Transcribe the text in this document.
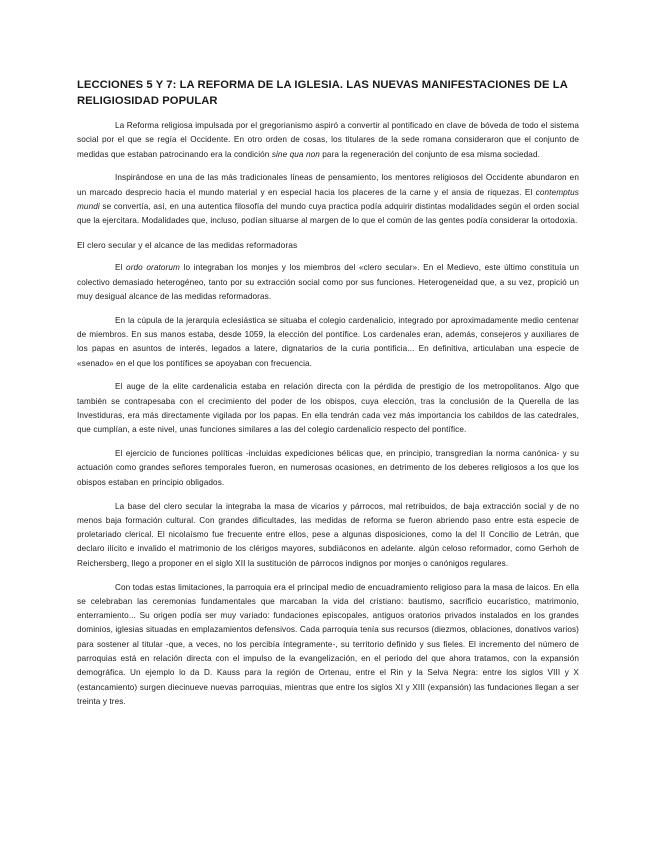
LECCIONES 5 Y 7: LA REFORMA DE LA IGLESIA. LAS NUEVAS MANIFESTACIONES DE LA RELIGIOSIDAD POPULAR

La Reforma religiosa impulsada por el gregorianismo aspiró a convertir al pontificado en clave de bóveda de todo el sistema social por el que se regía el Occidente. En otro orden de cosas, los titulares de la sede romana consideraron que el conjunto de medidas que estaban patrocinando era la condición sine qua non para la regeneración del conjunto de esa misma sociedad.

Inspirándose en una de las más tradicionales líneas de pensamiento, los mentores religiosos del Occidente abundaron en un marcado desprecio hacia el mundo material y en especial hacia los placeres de la carne y el ansia de riquezas. El contemptus mundi se convertía, así, en una autentica filosofía del mundo cuya practica podía adquirir distintas modalidades según el orden social que la ejercitara. Modalidades que, incluso, podían situarse al margen de lo que el común de las gentes podía considerar la ortodoxia.

El clero secular y el alcance de las medidas reformadoras

El ordo oratorum lo integraban los monjes y los miembros del «clero secular». En el Medievo, este último constituía un colectivo demasiado heterogéneo, tanto por su extracción social como por sus funciones. Heterogeneidad que, a su vez, propició un muy desigual alcance de las medidas reformadoras.

En la cúpula de la jerarquía eclesiástica se situaba el colegio cardenalicio, integrado por aproximadamente medio centenar de miembros. En sus manos estaba, desde 1059, la elección del pontífice. Los cardenales eran, además, consejeros y auxiliares de los papas en asuntos de interés, legados a latere, dignatarios de la curia pontificia... En definitiva, articulaban una especie de «senado» en el que los pontífices se apoyaban con frecuencia.

El auge de la elite cardenalicia estaba en relación directa con la pérdida de prestigio de los metropolitanos. Algo que también se contrapesaba con el crecimiento del poder de los obispos, cuya elección, tras la conclusión de la Querella de las Investiduras, era más directamente vigilada por los papas. En ella tendrán cada vez más importancia los cabildos de las catedrales, que cumplían, a este nivel, unas funciones similares a las del colegio cardenalicio respecto del pontífice.

El ejercicio de funciones políticas -incluidas expediciones bélicas que, en principio, transgredían la norma canónica- y su actuación como grandes señores temporales fueron, en numerosas ocasiones, en detrimento de los deberes religiosos a los que los obispos estaban en principio obligados.

La base del clero secular la integraba la masa de vicarios y párrocos, mal retribuidos, de baja extracción social y de no menos baja formación cultural. Con grandes dificultades, las medidas de reforma se fueron abriendo paso entre esta especie de proletariado clerical. El nicolaísmo fue frecuente entre ellos, pese a algunas disposiciones, como la del II Concilio de Letrán, que declaro ilícito e invalido el matrimonio de los clérigos mayores, subdiáconos en adelante. algún celoso reformador, como Gerhoh de Reichersberg, llego a proponer en el siglo XII la sustitución de párrocos indignos por monjes o canónigos regulares.

Con todas estas limitaciones, la parroquia era el principal medio de encuadramiento religioso para la masa de laicos. En ella se celebraban las ceremonias fundamentales que marcaban la vida del cristiano: bautismo, sacrificio eucarístico, matrimonio, enterramiento... Su origen podía ser muy variado: fundaciones episcopales, antiguos oratorios privados instalados en los grandes dominios, iglesias situadas en emplazamientos defensivos. Cada parroquia tenía sus recursos (diezmos, oblaciones, donativos varios) para sostener al titular -que, a veces, no los percibía íntegramente-, su territorio definido y sus fieles. El incremento del número de parroquias está en relación directa con el impulso de la evangelización, en el periodo del que ahora tratamos, con la expansión demográfica. Un ejemplo lo da D. Kauss para la región de Ortenau, entre el Rin y la Selva Negra: entre los siglos VIII y X (estancamiento) surgen diecinueve nuevas parroquias, mientras que entre los siglos XI y XIII (expansión) las fundaciones llegan a ser treinta y tres.
